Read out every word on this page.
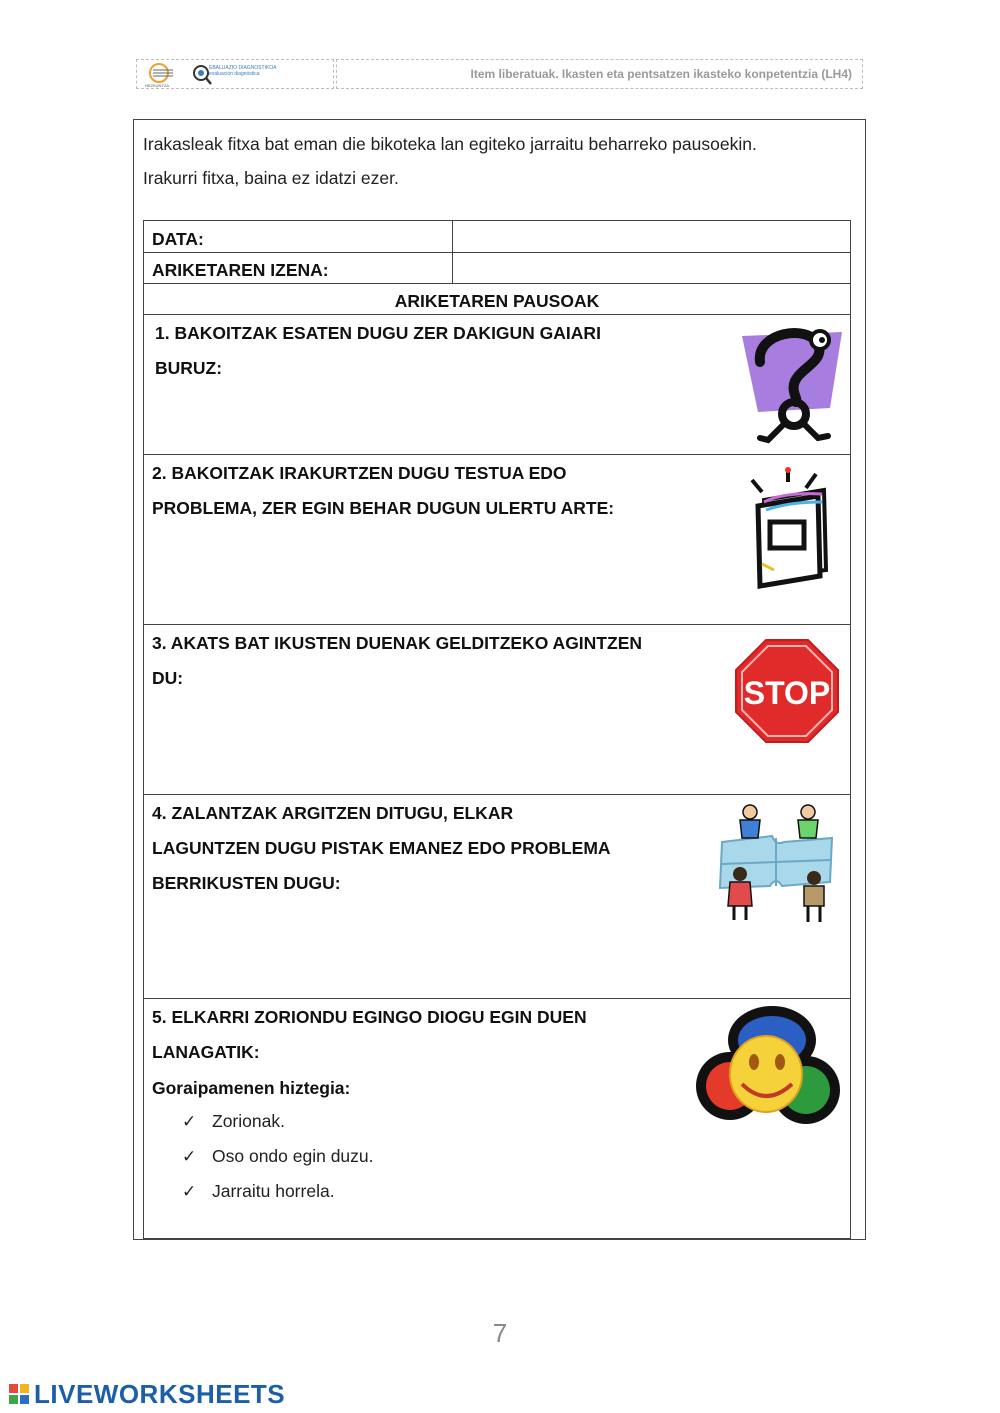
HEZKUNTZA
EBALUAZIO DIAGNOSTIKOA
evaluación diagnóstica	Item liberatuak. Ikasten eta pentsatzen ikasteko konpetentzia (LH4)

Irakasleak fitxa bat eman die bikoteka lan egiteko jarraitu beharreko pausoekin.

Irakurri fitxa, baina ez idatzi ezer.

DATA:
ARIKETAREN IZENA:
ARIKETAREN PAUSOAK
1. BAKOITZAK ESATEN DUGU ZER DAKIGUN GAIARI
BURUZ:
2. BAKOITZAK IRAKURTZEN DUGU TESTUA EDO
PROBLEMA, ZER EGIN BEHAR DUGUN ULERTU ARTE:
3. AKATS BAT IKUSTEN DUENAK GELDITZEKO AGINTZEN
DU:	STOP
4. ZALANTZAK ARGITZEN DITUGU, ELKAR
LAGUNTZEN DUGU PISTAK EMANEZ EDO PROBLEMA
BERRIKUSTEN DUGU:
5. ELKARRI ZORIONDU EGINGO DIOGU EGIN DUEN
LANAGATIK:
Goraipamenen hiztegia:
✓ Zorionak.
✓ Oso ondo egin duzu.
✓ Jarraitu horrela.
7
LIVEWORKSHEETS
